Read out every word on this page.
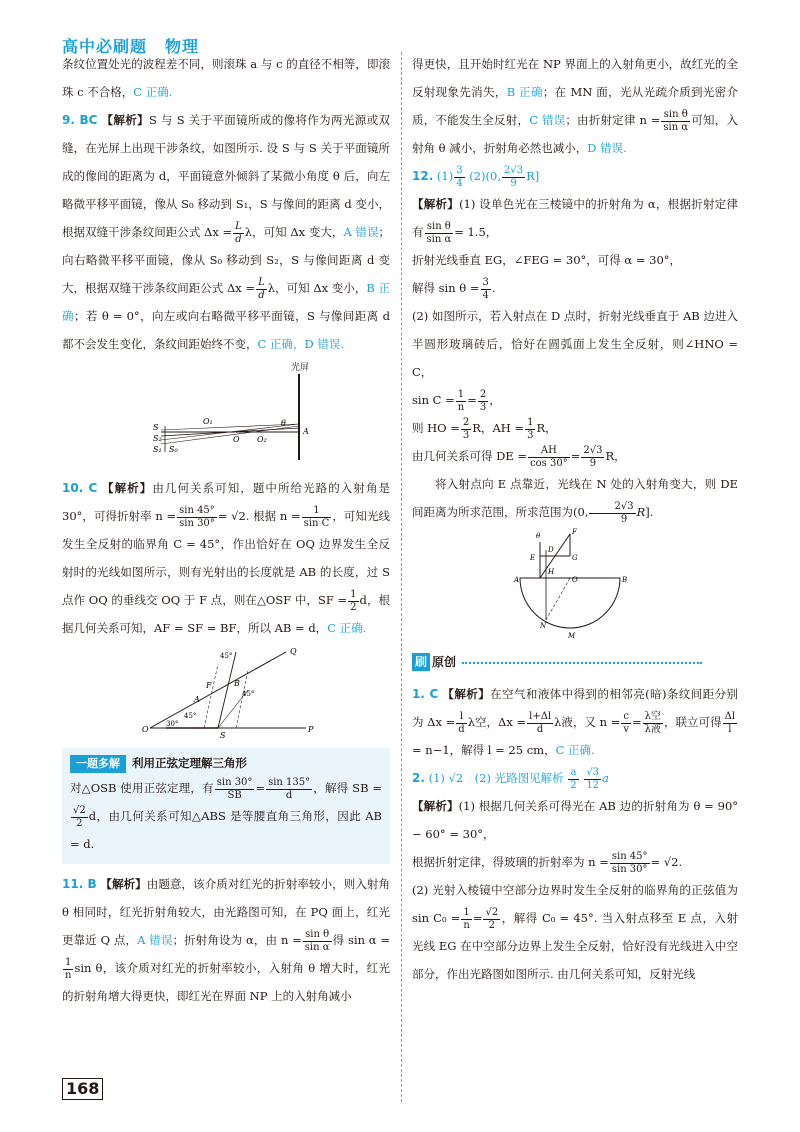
高中必刷题 物理

条纹位置处光的波程差不同，则滚珠 a 与 c 的直径不相等，即滚珠 c 不合格，C 正确.

9. BC 【解析】S 与 S 关于平面镜所成的像将作为两光源或双缝，在光屏上出现干涉条纹，如图所示. 设 S 与 S 关于平面镜所成的像间的距离为 d，平面镜意外倾斜了某微小角度 θ 后，向左略微平移平面镜，像从 S₀ 移动到 S₁，S 与像间的距离 d 变小，根据双缝干涉条纹间距公式 $\Delta x = \frac{L}{d}$ λ，可知 Δx 变大，A 错误；向右略微平移平面镜，像从 S₀ 移动到 S₂，S 与像间距离 d 变大，根据双缝干涉条纹间距公式 $\Delta x = \frac{L}{d}$ λ，可知 Δx 变小，B 正确；若 θ = 0°，向左或向右略微平移平面镜，S 与像间距离 d 都不会发生变化，条纹间距始终不变，C 正确，D 错误.

光屏
S
S₂
S₁ S₀
O₁
O O₂
θ
A

10. C 【解析】由几何关系可知，题中所给光路的入射角是 30°，可得折射率 $n = \frac{\sin 45^\circ}{\sin 30^\circ} = √2$. 根据 $n = \frac{1}{\text{sin C}}$ ，可知光线发生全反射的临界角 C = 45°，作出恰好在 OQ 边界发生全反射时的光线如图所示，则有光射出的长度就是 AB 的长度，过 S 点作 OQ 的垂线交 OQ 于 F 点，则在△OSF 中，SF = $\frac{1}{2}$ d，根据几何关系可知，AF = SF = BF，所以 AB = d，C 正确.

O
S
P
Q
F
A
B
30°
45°
45°
45°
一题多解 利用正弦定理解三角形

对△OSB 使用正弦定理，有 $\frac{\sin 30^\circ}{SB} = \frac{\sin 135^\circ}{d}$ ，解得 SB =
$\frac{√2}{2}$ d，由几何关系可知△ABS 是等腰直角三角形，因此 AB = d.

11. B 【解析】由题意，该介质对红光的折射率较小，则入射角 θ 相同时，红光折射角较大，由光路图可知，在 PQ 面上，红光更靠近 Q 点，A 错误；折射角设为 α，由 $n = \frac{\text{sin θ}}{\text{sin α}}$ 得 sin α =
$\frac{1}{n}$ sin θ，该介质对红光的折射率较小，入射角 θ 增大时，红光的折射角增大得更快，即红光在界面 NP 上的入射角减小

得更快，且开始时红光在 NP 界面上的入射角更小，故红光的全反射现象先消失，B 正确；在 MN 面，光从光疏介质到光密介质，不能发生全反射，C 错误；由折射定律 $n = \frac{\text{sin θ}}{\text{sin α}}$ 可知，入射角 θ 减小，折射角必然也减小，D 错误.

12. $(1) \frac{3}{4} (2)(0$, $\frac{2√3}{9} R$]

【解析】(1) 设单色光在三棱镜中的折射角为 α，根据折射定律有 $\frac{\text{sin θ}}{\text{sin α}} = 1.5$，

折射光线垂直 EG，∠FEG = 30°，可得 α = 30°，

解得 $\sin \theta = \frac{3}{4}$ .

(2) 如图所示，若入射点在 D 点时，折射光线垂直于 AB 边进入半圆形玻璃砖后，恰好在圆弧面上发生全反射，则∠HNO = C，

$\sin C = \frac{1}{n} = \frac{2}{3}$ ，

则 HO = $\frac{2}{3}$ R，AH = $\frac{1}{3}$ R，

由几何关系可得 DE = $\frac{AH}{\cos 30^\circ} = \frac{2√3}{9}$ R，

将入射点向 E 点靠近，光线在 N 处的入射角变大，则 DE 间距离为所求范围，所求范围为(0, $\frac{2√3}{9} R$].

F
E	G
D
H
A	B
O
N
M
θ
刷 原创

1. C 【解析】在空气和液体中得到的相邻亮(暗)条纹间距分别为 $\Delta x = \frac{l}{d}$ λ空，$\Delta x = \frac{l+\Delta l}{d}$ λ液，又 $n = \frac{c}{v} = \frac{\text{λ空}}{\text{λ液}}$ ，联立可得 $\frac{\Delta l}{l}$
= n−1，解得 l = 25 cm，C 正确.

2. (1) √2　(2) 光路图见解析 $\frac{a}{2}$
$\frac{√3}{12}$ a

【解析】(1) 根据几何关系可得光在 AB 边的折射角为 θ = 90° − 60° = 30°，

根据折射定律，得玻璃的折射率为 $n = \frac{\sin 45^\circ}{\sin 30^\circ} = √2$.

(2) 光射入棱镜中空部分边界时发生全反射的临界角的正弦值为 $\sin C_0 = \frac{1}{n} = \frac{√2}{2}$ ，解得 C₀ = 45°. 当入射点移至 E 点，入射光线 EG 在中空部分边界上发生全反射，恰好没有光线进入中空部分，作出光路图如图所示. 由几何关系可知，反射光线

168
